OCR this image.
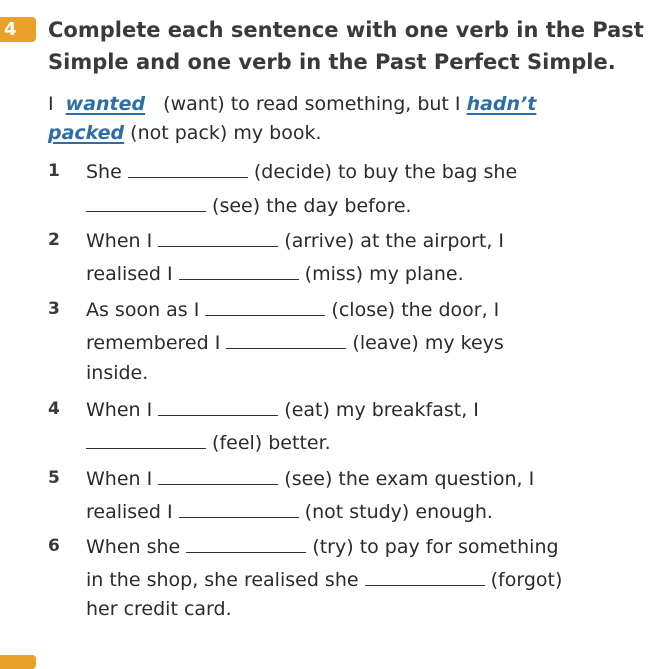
4	Complete each sentence with one verb in the Past Simple and one verb in the Past Perfect Simple.
I wanted (want) to read something, but I hadn’t
packed (not pack) my book.
1 She	(decide) to buy the bag she
(see) the day before.
2 When I	(arrive) at the airport, I
realised I	(miss) my plane.
3 As soon as I	(close) the door, I
remembered I	(leave) my keys
inside.
4 When I	(eat) my breakfast, I
(feel) better.
5 When I	(see) the exam question, I
realised I	(not study) enough.
6 When she	(try) to pay for something
in the shop, she realised she	(forgot)
her credit card.
